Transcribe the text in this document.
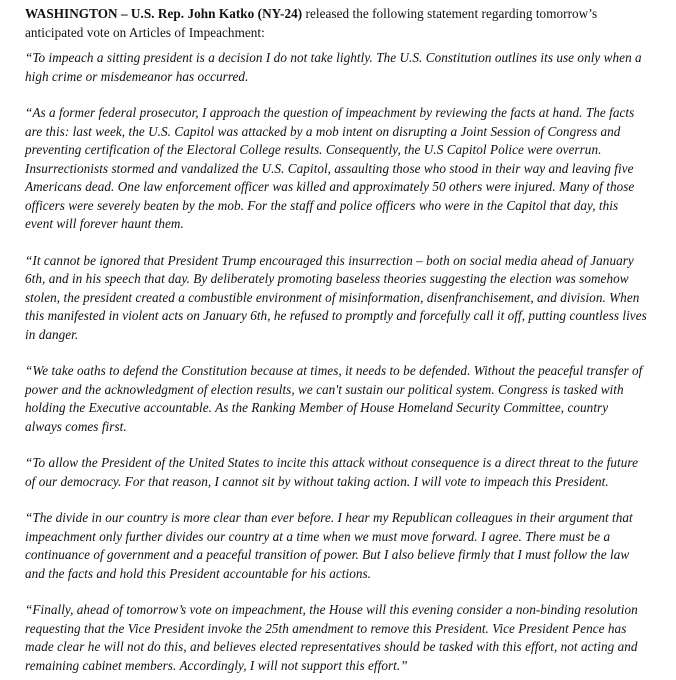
WASHINGTON – U.S. Rep. John Katko (NY-24) released the following statement regarding tomorrow’s
anticipated vote on Articles of Impeachment:

“To impeach a sitting president is a decision I do not take lightly. The U.S. Constitution outlines its use only when a
high crime or misdemeanor has occurred.

“As a former federal prosecutor, I approach the question of impeachment by reviewing the facts at hand. The facts
are this: last week, the U.S. Capitol was attacked by a mob intent on disrupting a Joint Session of Congress and
preventing certification of the Electoral College results. Consequently, the U.S Capitol Police were overrun.
Insurrectionists stormed and vandalized the U.S. Capitol, assaulting those who stood in their way and leaving five
Americans dead. One law enforcement officer was killed and approximately 50 others were injured. Many of those
officers were severely beaten by the mob. For the staff and police officers who were in the Capitol that day, this
event will forever haunt them.

“It cannot be ignored that President Trump encouraged this insurrection – both on social media ahead of January
6th, and in his speech that day. By deliberately promoting baseless theories suggesting the election was somehow
stolen, the president created a combustible environment of misinformation, disenfranchisement, and division. When
this manifested in violent acts on January 6th, he refused to promptly and forcefully call it off, putting countless lives
in danger.

“We take oaths to defend the Constitution because at times, it needs to be defended. Without the peaceful transfer of
power and the acknowledgment of election results, we can't sustain our political system. Congress is tasked with
holding the Executive accountable. As the Ranking Member of House Homeland Security Committee, country
always comes first.

“To allow the President of the United States to incite this attack without consequence is a direct threat to the future
of our democracy. For that reason, I cannot sit by without taking action. I will vote to impeach this President.

“The divide in our country is more clear than ever before. I hear my Republican colleagues in their argument that
impeachment only further divides our country at a time when we must move forward. I agree. There must be a
continuance of government and a peaceful transition of power. But I also believe firmly that I must follow the law
and the facts and hold this President accountable for his actions.

“Finally, ahead of tomorrow’s vote on impeachment, the House will this evening consider a non-binding resolution
requesting that the Vice President invoke the 25th amendment to remove this President. Vice President Pence has
made clear he will not do this, and believes elected representatives should be tasked with this effort, not acting and
remaining cabinet members. Accordingly, I will not support this effort.”
